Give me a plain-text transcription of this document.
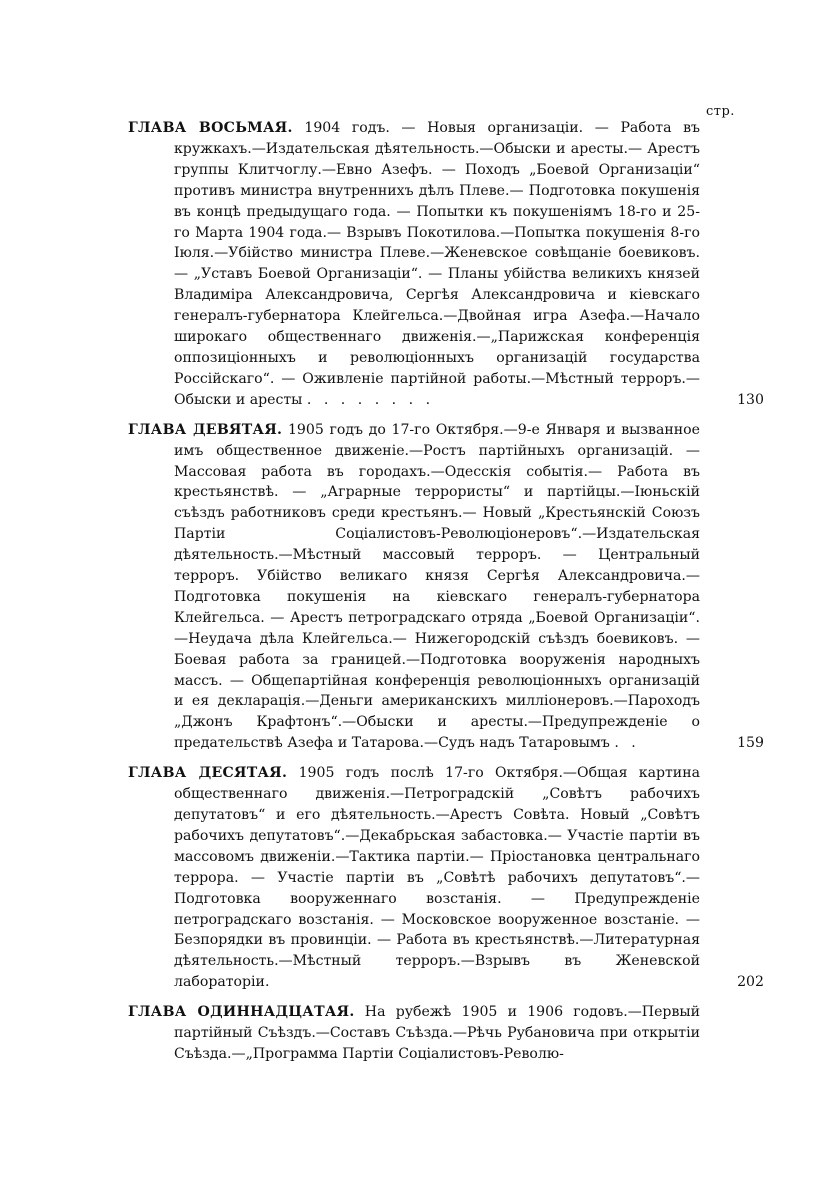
стр.
ГЛАВА ВОСЬМАЯ. 1904 годъ. — Новыя организаціи. — Работа въ кружкахъ.—Издательская дѣятельность.—Обыски и аресты.— Арестъ группы Клитчоглу.—Евно Азефъ. — Походъ „Боевой Организаціи“ противъ министра внутреннихъ дѣлъ Плеве.— Подготовка покушенія въ концѣ предыдущаго года. — Попытки къ покушеніямъ 18-го и 25-го Марта 1904 года.— Взрывъ Покотилова.—Попытка покушенія 8-го Іюля.—Убійство министра Плеве.—Женевское совѣщаніе боевиковъ.— „Уставъ Боевой Организаціи“. — Планы убійства великихъ князей Владиміра Александровича, Сергѣя Александровича и кіевскаго генералъ-губернатора Клейгельса.—Двойная игра Азефа.—Начало широкаго общественнаго движенія.—„Парижская конференція оппозиціонныхъ и революціонныхъ организацій государства Россійскаго“. — Оживленіе партійной работы.—Мѣстный терроръ.—Обыски и аресты . . . . . . . .	130
ГЛАВА ДЕВЯТАЯ. 1905 годъ до 17-го Октября.—9-е Января и вызванное имъ общественное движеніе.—Ростъ партійныхъ организацій. — Массовая работа въ городахъ.—Одесскія событія.— Работа въ крестьянствѣ. — „Аграрные террористы“ и партійцы.—Іюньскій съѣздъ работниковъ среди крестьянъ.— Новый „Крестьянскій Союзъ Партіи Соціалистовъ-Революціонеровъ“.—Издательская дѣятельность.—Мѣстный массовый терроръ. — Центральный терроръ. Убійство великаго князя Сергѣя Александровича.—Подготовка покушенія на кіевскаго генералъ-губернатора Клейгельса. — Арестъ петроградскаго отряда „Боевой Организаціи“.—Неудача дѣла Клейгельса.— Нижегородскій съѣздъ боевиковъ. — Боевая работа за границей.—Подготовка вооруженія народныхъ массъ. — Общепартійная конференція революціонныхъ организацій и ея декларація.—Деньги американскихъ милліонеровъ.—Пароходъ „Джонъ Крафтонъ“.—Обыски и аресты.—Предупрежденіе о предательствѣ Азефа и Татарова.—Судъ надъ Татаровымъ . .	159
ГЛАВА ДЕСЯТАЯ. 1905 годъ послѣ 17-го Октября.—Общая картина общественнаго движенія.—Петроградскій „Совѣтъ рабочихъ депутатовъ“ и его дѣятельность.—Арестъ Совѣта. Новый „Совѣтъ рабочихъ депутатовъ“.—Декабрьская забастовка.— Участіе партіи въ массовомъ движеніи.—Тактика партіи.— Пріостановка центральнаго террора. — Участіе партіи въ „Совѣтѣ рабочихъ депутатовъ“.—Подготовка вооруженнаго возстанія. — Предупрежденіе петроградскаго возстанія. — Московское вооруженное возстаніе. — Безпорядки въ провинціи. — Работа въ крестьянствѣ.—Литературная дѣятельность.—Мѣстный терроръ.—Взрывъ въ Женевской лабораторіи.	202
ГЛАВА ОДИННАДЦАТАЯ. На рубежѣ 1905 и 1906 годовъ.—Первый партійный Съѣздъ.—Составъ Съѣзда.—Рѣчь Рубановича при открытіи Съѣзда.—„Программа Партіи Соціалистовъ-Револю-
